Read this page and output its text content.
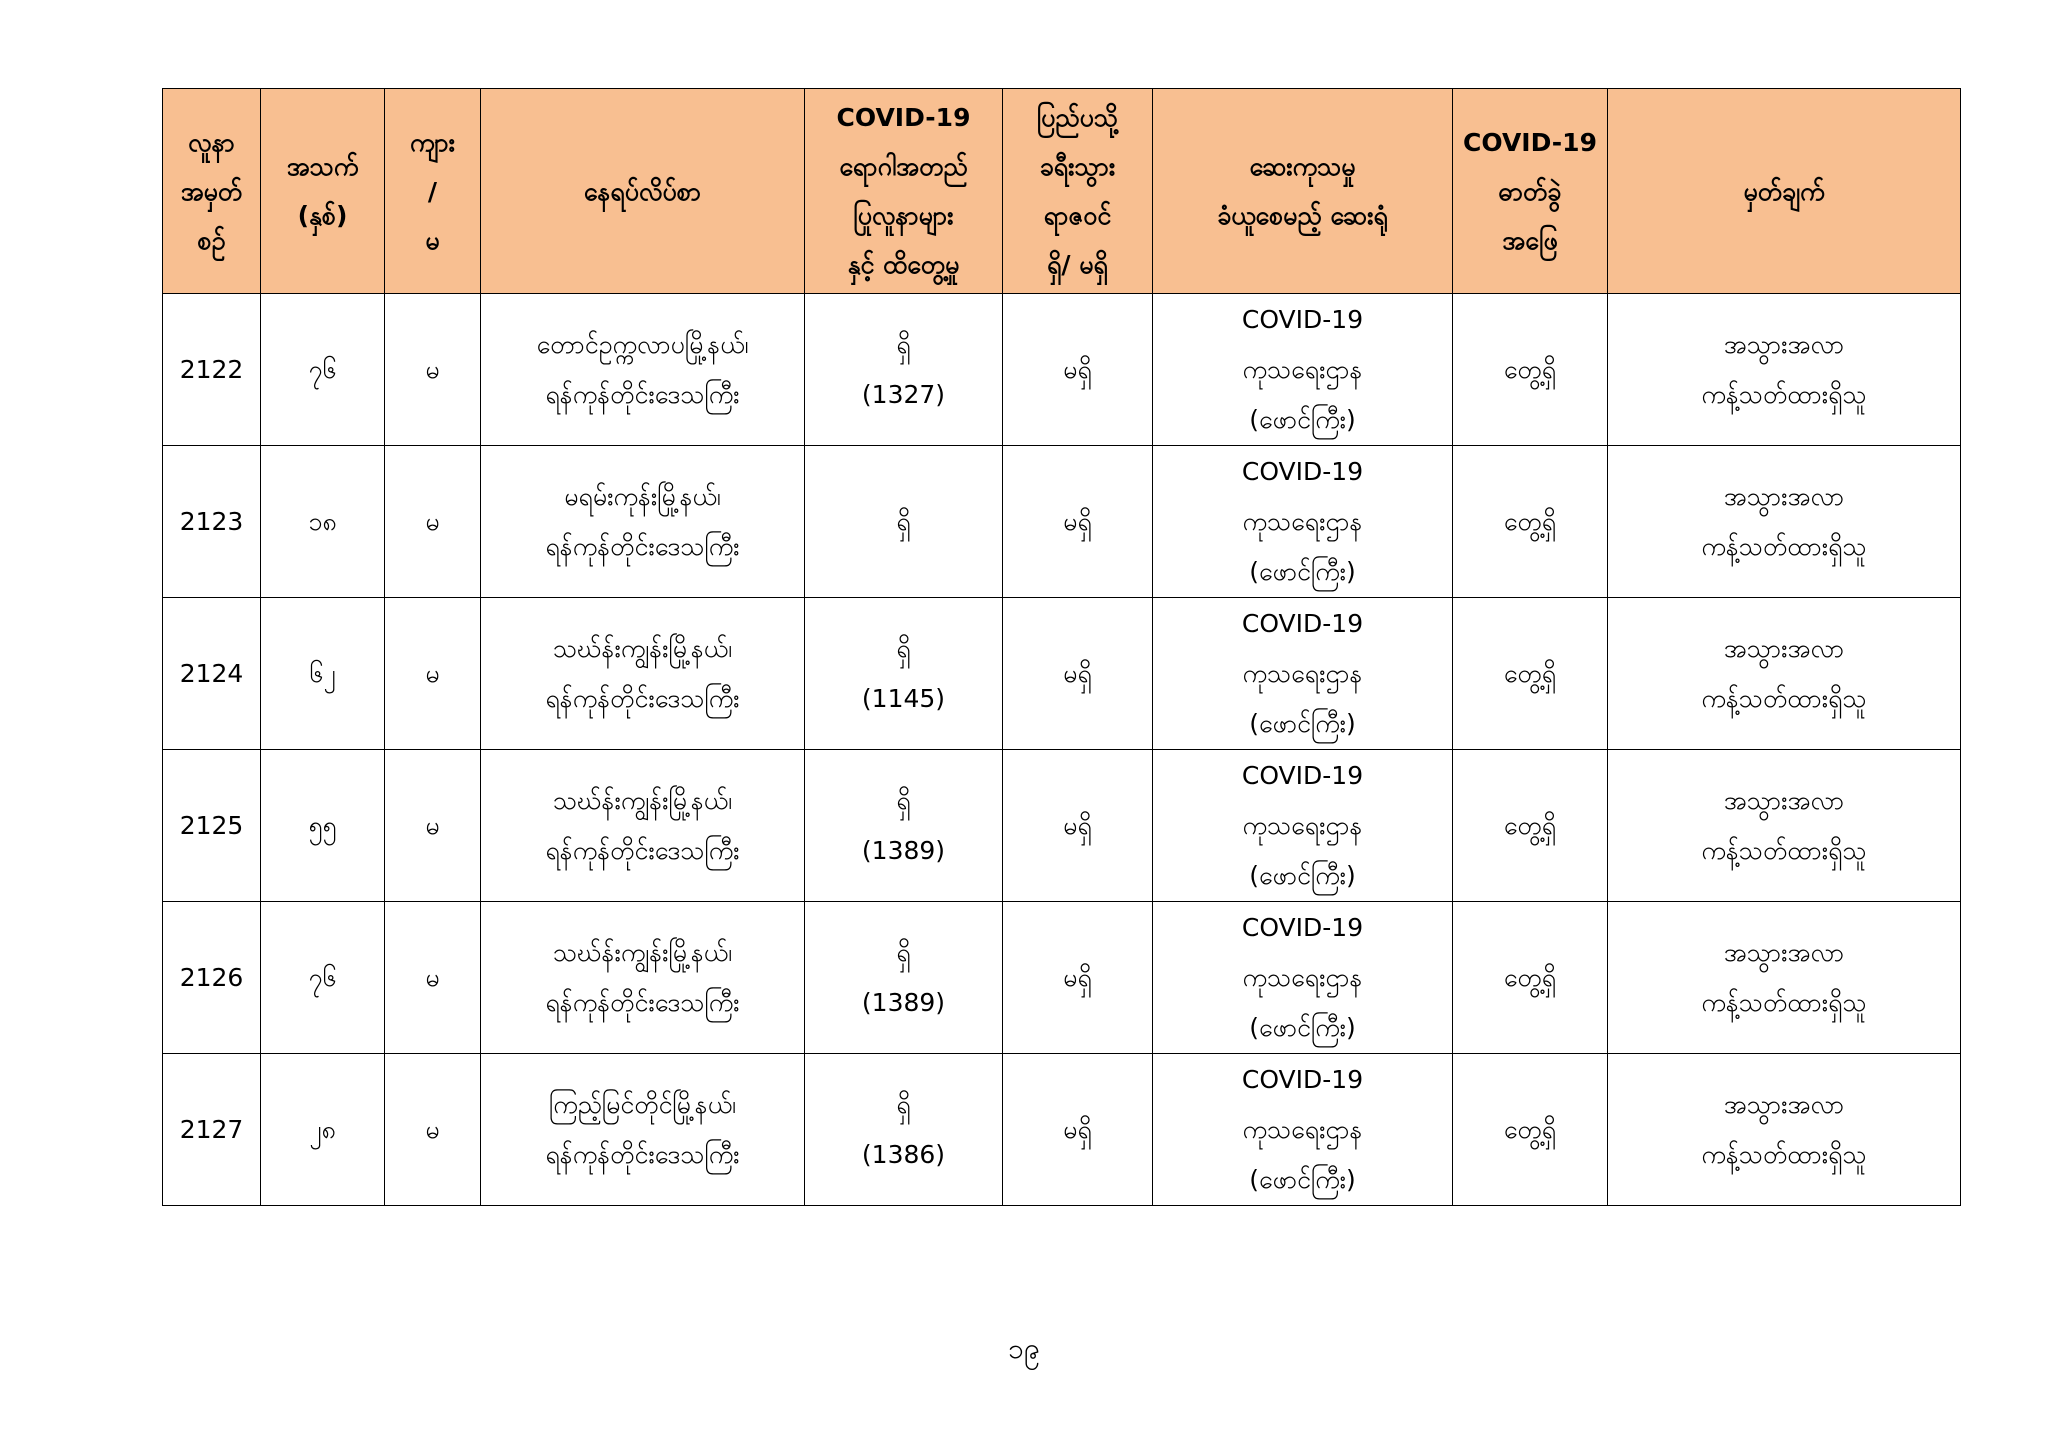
လူနာ
အမှတ်
စဉ်	အသက်
(နှစ်)	ကျား
/
မ	နေရပ်လိပ်စာ	COVID-19
ရောဂါအတည်
ပြုလူနာများ
နှင့် ထိတွေ့မှု	ပြည်ပသို့
ခရီးသွား
ရာဇဝင်
ရှိ/ မရှိ	ဆေးကုသမှု
ခံယူစေမည့် ဆေးရုံ	COVID-19
ဓာတ်ခွဲ
အဖြေ	မှတ်ချက်

2122	၇၆	မ	တောင်ဥက္ကလာပမြို့နယ်၊
ရန်ကုန်တိုင်းဒေသကြီး	ရှိ
(1327)	မရှိ	COVID-19
ကုသရေးဌာန
(ဖောင်ကြီး)	တွေ့ရှိ	အသွားအလာ
ကန့်သတ်ထားရှိသူ

2123	၁၈	မ	မရမ်းကုန်းမြို့နယ်၊
ရန်ကုန်တိုင်းဒေသကြီး	ရှိ	မရှိ	COVID-19
ကုသရေးဌာန
(ဖောင်ကြီး)	တွေ့ရှိ	အသွားအလာ
ကန့်သတ်ထားရှိသူ

2124	၆၂	မ	သဃ်န်းကျွန်းမြို့နယ်၊
ရန်ကုန်တိုင်းဒေသကြီး	ရှိ
(1145)	မရှိ	COVID-19
ကုသရေးဌာန
(ဖောင်ကြီး)	တွေ့ရှိ	အသွားအလာ
ကန့်သတ်ထားရှိသူ

2125	၅၅	မ	သဃ်န်းကျွန်းမြို့နယ်၊
ရန်ကုန်တိုင်းဒေသကြီး	ရှိ
(1389)	မရှိ	COVID-19
ကုသရေးဌာန
(ဖောင်ကြီး)	တွေ့ရှိ	အသွားအလာ
ကန့်သတ်ထားရှိသူ

2126	၇၆	မ	သဃ်န်းကျွန်းမြို့နယ်၊
ရန်ကုန်တိုင်းဒေသကြီး	ရှိ
(1389)	မရှိ	COVID-19
ကုသရေးဌာန
(ဖောင်ကြီး)	တွေ့ရှိ	အသွားအလာ
ကန့်သတ်ထားရှိသူ

2127	၂၈	မ	ကြည့်မြင်တိုင်မြို့နယ်၊
ရန်ကုန်တိုင်းဒေသကြီး	ရှိ
(1386)	မရှိ	COVID-19
ကုသရေးဌာန
(ဖောင်ကြီး)	တွေ့ရှိ	အသွားအလာ
ကန့်သတ်ထားရှိသူ
၁၉
